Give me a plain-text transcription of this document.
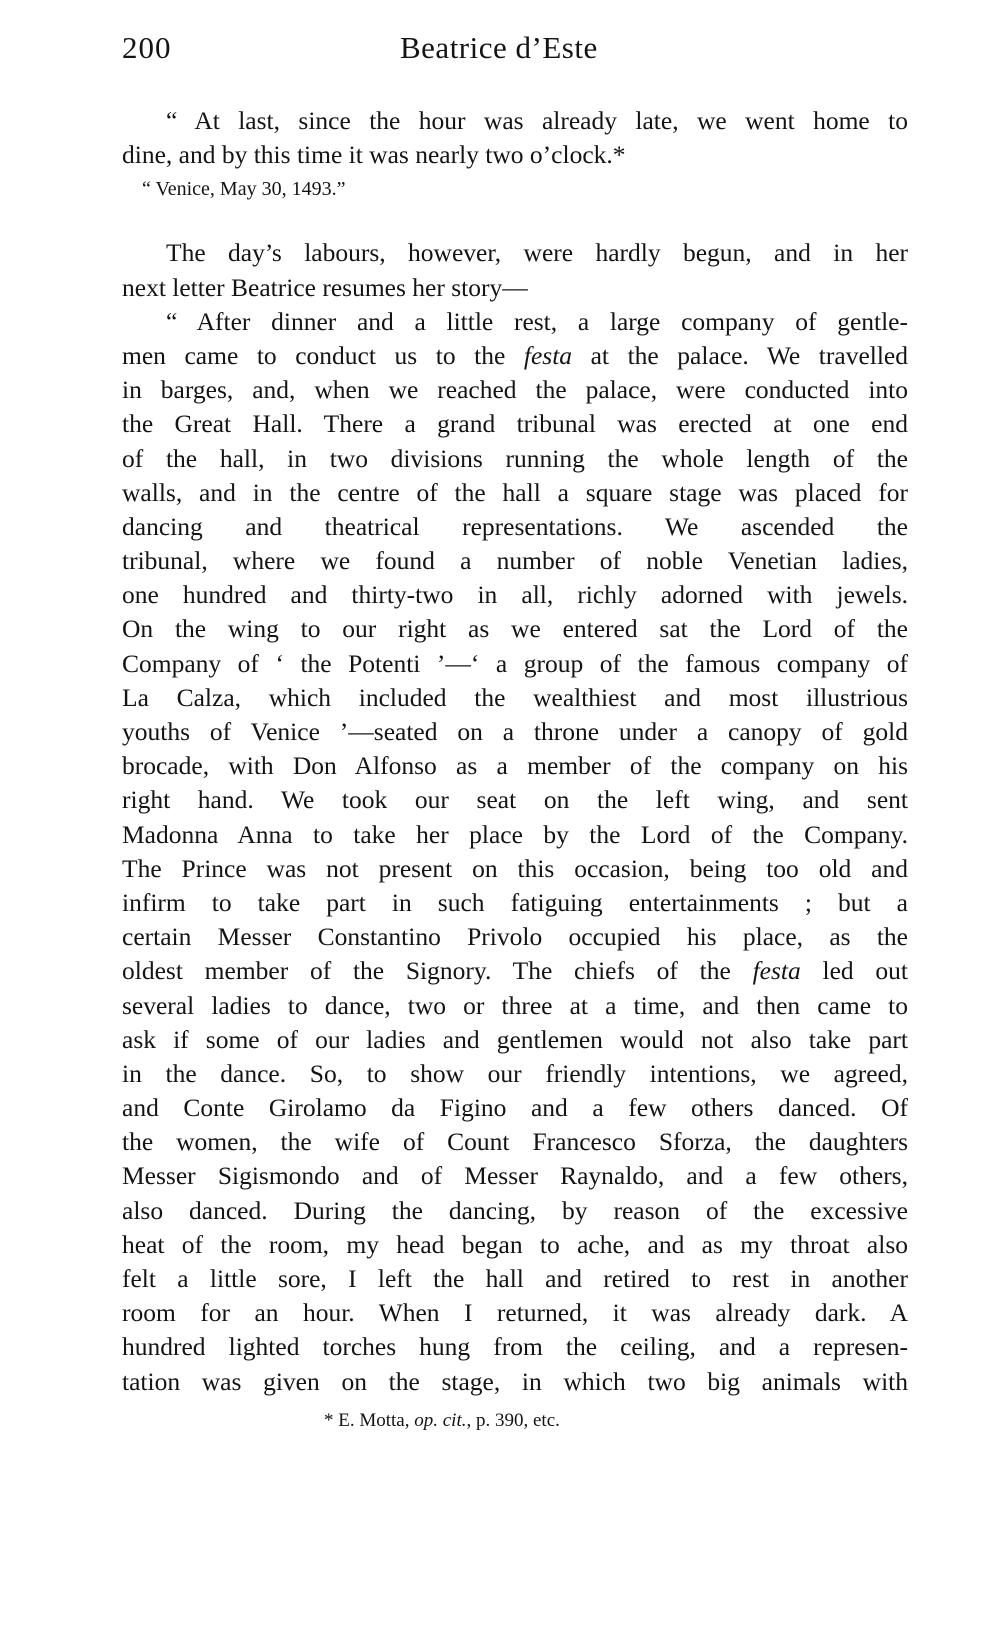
200	Beatrice d’Este
“ At last, since the hour was already late, we went home to
dine, and by this time it was nearly two o’clock.*
“ Venice, May 30, 1493.”
The day’s labours, however, were hardly begun, and in her
next letter Beatrice resumes her story—
“ After dinner and a little rest, a large company of gentle-
men came to conduct us to the festa at the palace. We travelled
in barges, and, when we reached the palace, were conducted into
the Great Hall. There a grand tribunal was erected at one end
of the hall, in two divisions running the whole length of the
walls, and in the centre of the hall a square stage was placed for
dancing and theatrical representations. We ascended the
tribunal, where we found a number of noble Venetian ladies,
one hundred and thirty-two in all, richly adorned with jewels.
On the wing to our right as we entered sat the Lord of the
Company of ‘ the Potenti ’—‘ a group of the famous company of
La Calza, which included the wealthiest and most illustrious
youths of Venice ’—seated on a throne under a canopy of gold
brocade, with Don Alfonso as a member of the company on his
right hand. We took our seat on the left wing, and sent
Madonna Anna to take her place by the Lord of the Company.
The Prince was not present on this occasion, being too old and
infirm to take part in such fatiguing entertainments ; but a
certain Messer Constantino Privolo occupied his place, as the
oldest member of the Signory. The chiefs of the festa led out
several ladies to dance, two or three at a time, and then came to
ask if some of our ladies and gentlemen would not also take part
in the dance. So, to show our friendly intentions, we agreed,
and Conte Girolamo da Figino and a few others danced. Of
the women, the wife of Count Francesco Sforza, the daughters
Messer Sigismondo and of Messer Raynaldo, and a few others,
also danced. During the dancing, by reason of the excessive
heat of the room, my head began to ache, and as my throat also
felt a little sore, I left the hall and retired to rest in another
room for an hour. When I returned, it was already dark. A
hundred lighted torches hung from the ceiling, and a represen-
tation was given on the stage, in which two big animals with
* E. Motta, op. cit., p. 390, etc.
